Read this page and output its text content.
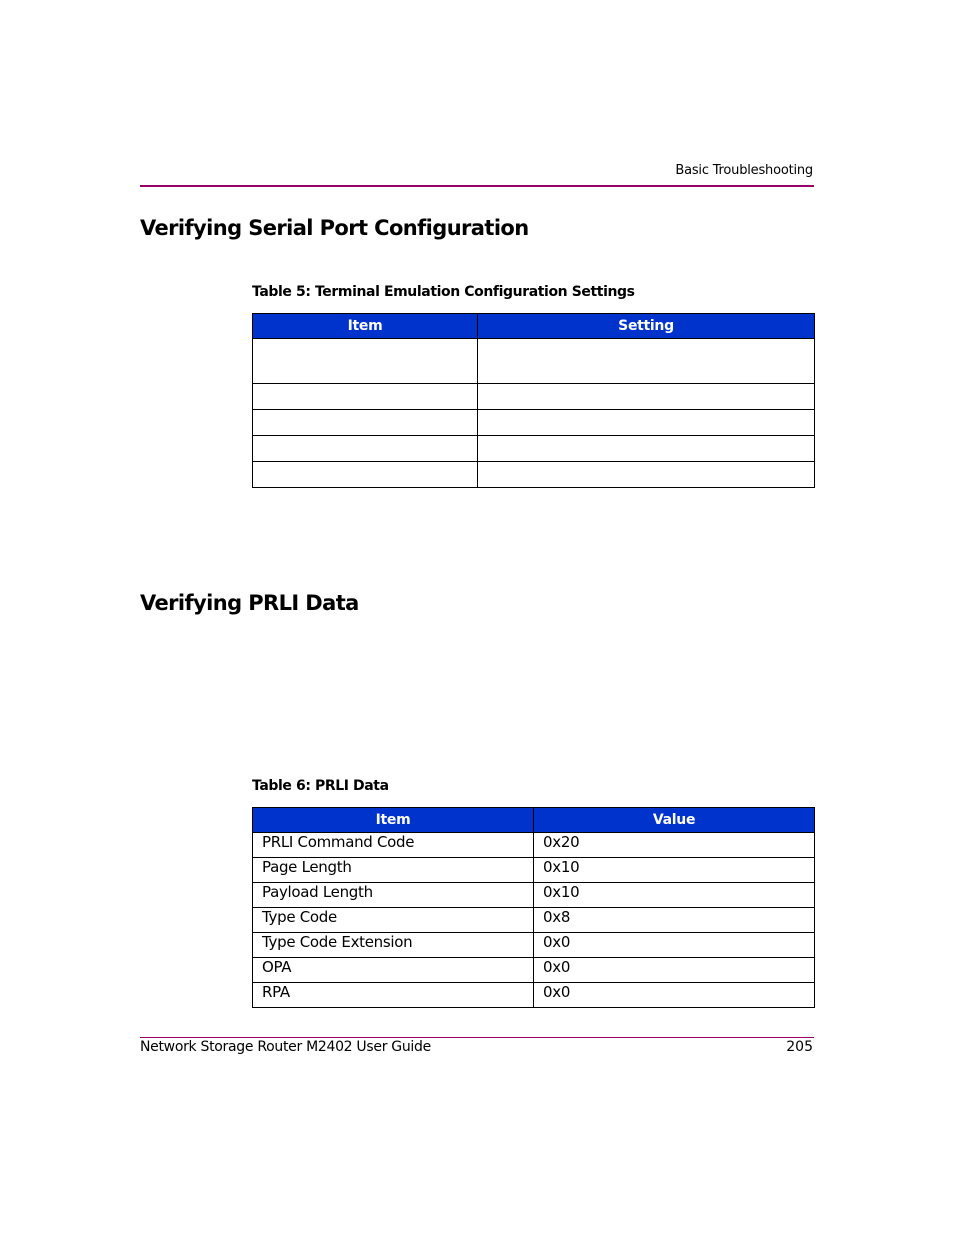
Basic Troubleshooting
Verifying Serial Port Configuration
Table 5: Terminal Emulation Configuration Settings
Item	Setting

Verifying PRLI Data
Table 6: PRLI Data
Item	Value
PRLI Command Code	0x20
Page Length	0x10
Payload Length	0x10
Type Code	0x8
Type Code Extension	0x0
OPA	0x0
RPA	0x0
Network Storage Router M2402 User Guide	205
